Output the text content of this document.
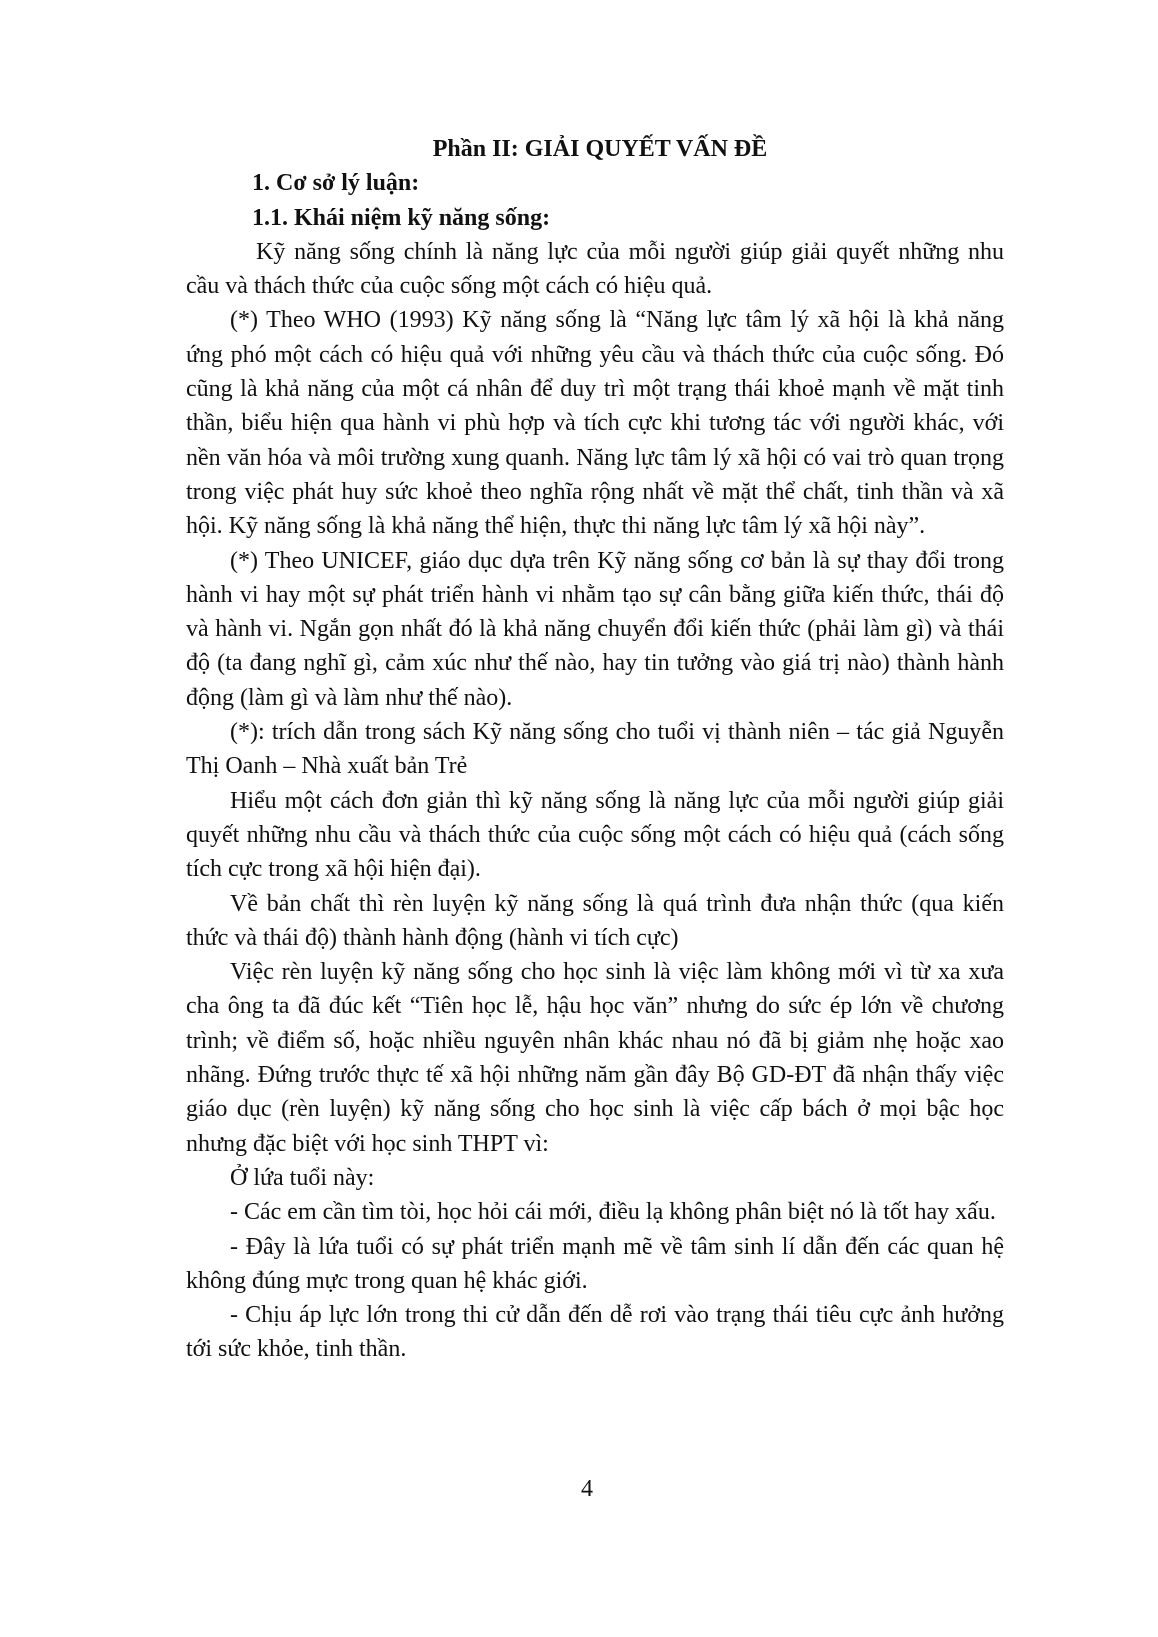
Phần II: GIẢI QUYẾT VẤN ĐỀ
1. Cơ sở lý luận:
1.1. Khái niệm kỹ năng sống:

Kỹ năng sống chính là năng lực của mỗi người giúp giải quyết những nhu cầu và thách thức của cuộc sống một cách có hiệu quả.

(*) Theo WHO (1993) Kỹ năng sống là “Năng lực tâm lý xã hội là khả năng ứng phó một cách có hiệu quả với những yêu cầu và thách thức của cuộc sống. Đó cũng là khả năng của một cá nhân để duy trì một trạng thái khoẻ mạnh về mặt tinh thần, biểu hiện qua hành vi phù hợp và tích cực khi tương tác với người khác, với nền văn hóa và môi trường xung quanh. Năng lực tâm lý xã hội có vai trò quan trọng trong việc phát huy sức khoẻ theo nghĩa rộng nhất về mặt thể chất, tinh thần và xã hội. Kỹ năng sống là khả năng thể hiện, thực thi năng lực tâm lý xã hội này”.

(*) Theo UNICEF, giáo dục dựa trên Kỹ năng sống cơ bản là sự thay đổi trong hành vi hay một sự phát triển hành vi nhằm tạo sự cân bằng giữa kiến thức, thái độ và hành vi. Ngắn gọn nhất đó là khả năng chuyển đổi kiến thức (phải làm gì) và thái độ (ta đang nghĩ gì, cảm xúc như thế nào, hay tin tưởng vào giá trị nào) thành hành động (làm gì và làm như thế nào).

(*): trích dẫn trong sách Kỹ năng sống cho tuổi vị thành niên – tác giả Nguyễn Thị Oanh – Nhà xuất bản Trẻ

Hiểu một cách đơn giản thì kỹ năng sống là năng lực của mỗi người giúp giải quyết những nhu cầu và thách thức của cuộc sống một cách có hiệu quả (cách sống tích cực trong xã hội hiện đại).

Về bản chất thì rèn luyện kỹ năng sống là quá trình đưa nhận thức (qua kiến thức và thái độ) thành hành động (hành vi tích cực)

Việc rèn luyện kỹ năng sống cho học sinh là việc làm không mới vì từ xa xưa cha ông ta đã đúc kết “Tiên học lễ, hậu học văn” nhưng do sức ép lớn về chương trình; về điểm số, hoặc nhiều nguyên nhân khác nhau nó đã bị giảm nhẹ hoặc xao nhãng. Đứng trước thực tế xã hội những năm gần đây Bộ GD-ĐT đã nhận thấy việc giáo dục (rèn luyện) kỹ năng sống cho học sinh là việc cấp bách ở mọi bậc học nhưng đặc biệt với học sinh THPT vì:

Ở lứa tuổi này:

- Các em cần tìm tòi, học hỏi cái mới, điều lạ không phân biệt nó là tốt hay xấu.

- Đây là lứa tuổi có sự phát triển mạnh mẽ về tâm sinh lí dẫn đến các quan hệ không đúng mực trong quan hệ khác giới.

- Chịu áp lực lớn trong thi cử dẫn đến dễ rơi vào trạng thái tiêu cực ảnh hưởng tới sức khỏe, tinh thần.

4
